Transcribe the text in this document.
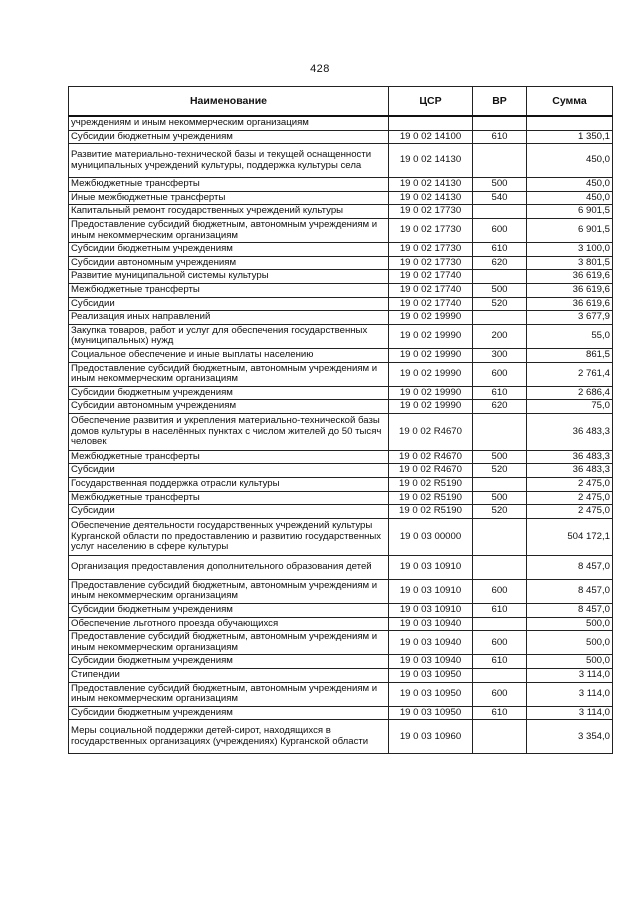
428
Наименование	ЦСР	ВР	Сумма
учреждениям и иным некоммерческим организациям			
Субсидии бюджетным учреждениям	19 0 02 14100	610	1 350,1
Развитие материально-технической базы и текущей оснащенности муниципальных учреждений культуры, поддержка культуры села	19 0 02 14130		450,0
Межбюджетные трансферты	19 0 02 14130	500	450,0
Иные межбюджетные трансферты	19 0 02 14130	540	450,0
Капитальный ремонт государственных учреждений культуры	19 0 02 17730		6 901,5
Предоставление субсидий бюджетным, автономным учреждениям и иным некоммерческим организациям	19 0 02 17730	600	6 901,5
Субсидии бюджетным учреждениям	19 0 02 17730	610	3 100,0
Субсидии автономным учреждениям	19 0 02 17730	620	3 801,5
Развитие муниципальной системы культуры	19 0 02 17740		36 619,6
Межбюджетные трансферты	19 0 02 17740	500	36 619,6
Субсидии	19 0 02 17740	520	36 619,6
Реализация иных направлений	19 0 02 19990		3 677,9
Закупка товаров, работ и услуг для обеспечения государственных (муниципальных) нужд	19 0 02 19990	200	55,0
Социальное обеспечение и иные выплаты населению	19 0 02 19990	300	861,5
Предоставление субсидий бюджетным, автономным учреждениям и иным некоммерческим организациям	19 0 02 19990	600	2 761,4
Субсидии бюджетным учреждениям	19 0 02 19990	610	2 686,4
Субсидии автономным учреждениям	19 0 02 19990	620	75,0
Обеспечение развития и укрепления материально-технической базы домов культуры в населённых пунктах с числом жителей до 50 тысяч человек	19 0 02 R4670		36 483,3
Межбюджетные трансферты	19 0 02 R4670	500	36 483,3
Субсидии	19 0 02 R4670	520	36 483,3
Государственная поддержка отрасли культуры	19 0 02 R5190		2 475,0
Межбюджетные трансферты	19 0 02 R5190	500	2 475,0
Субсидии	19 0 02 R5190	520	2 475,0
Обеспечение деятельности государственных учреждений культуры Курганской области по предоставлению и развитию государственных услуг населению в сфере культуры	19 0 03 00000		504 172,1
Организация предоставления дополнительного образования детей	19 0 03 10910		8 457,0
Предоставление субсидий бюджетным, автономным учреждениям и иным некоммерческим организациям	19 0 03 10910	600	8 457,0
Субсидии бюджетным учреждениям	19 0 03 10910	610	8 457,0
Обеспечение льготного проезда обучающихся	19 0 03 10940		500,0
Предоставление субсидий бюджетным, автономным учреждениям и иным некоммерческим организациям	19 0 03 10940	600	500,0
Субсидии бюджетным учреждениям	19 0 03 10940	610	500,0
Стипендии	19 0 03 10950		3 114,0
Предоставление субсидий бюджетным, автономным учреждениям и иным некоммерческим организациям	19 0 03 10950	600	3 114,0
Субсидии бюджетным учреждениям	19 0 03 10950	610	3 114,0
Меры социальной поддержки детей-сирот, находящихся в государственных организациях (учреждениях) Курганской области	19 0 03 10960		3 354,0
